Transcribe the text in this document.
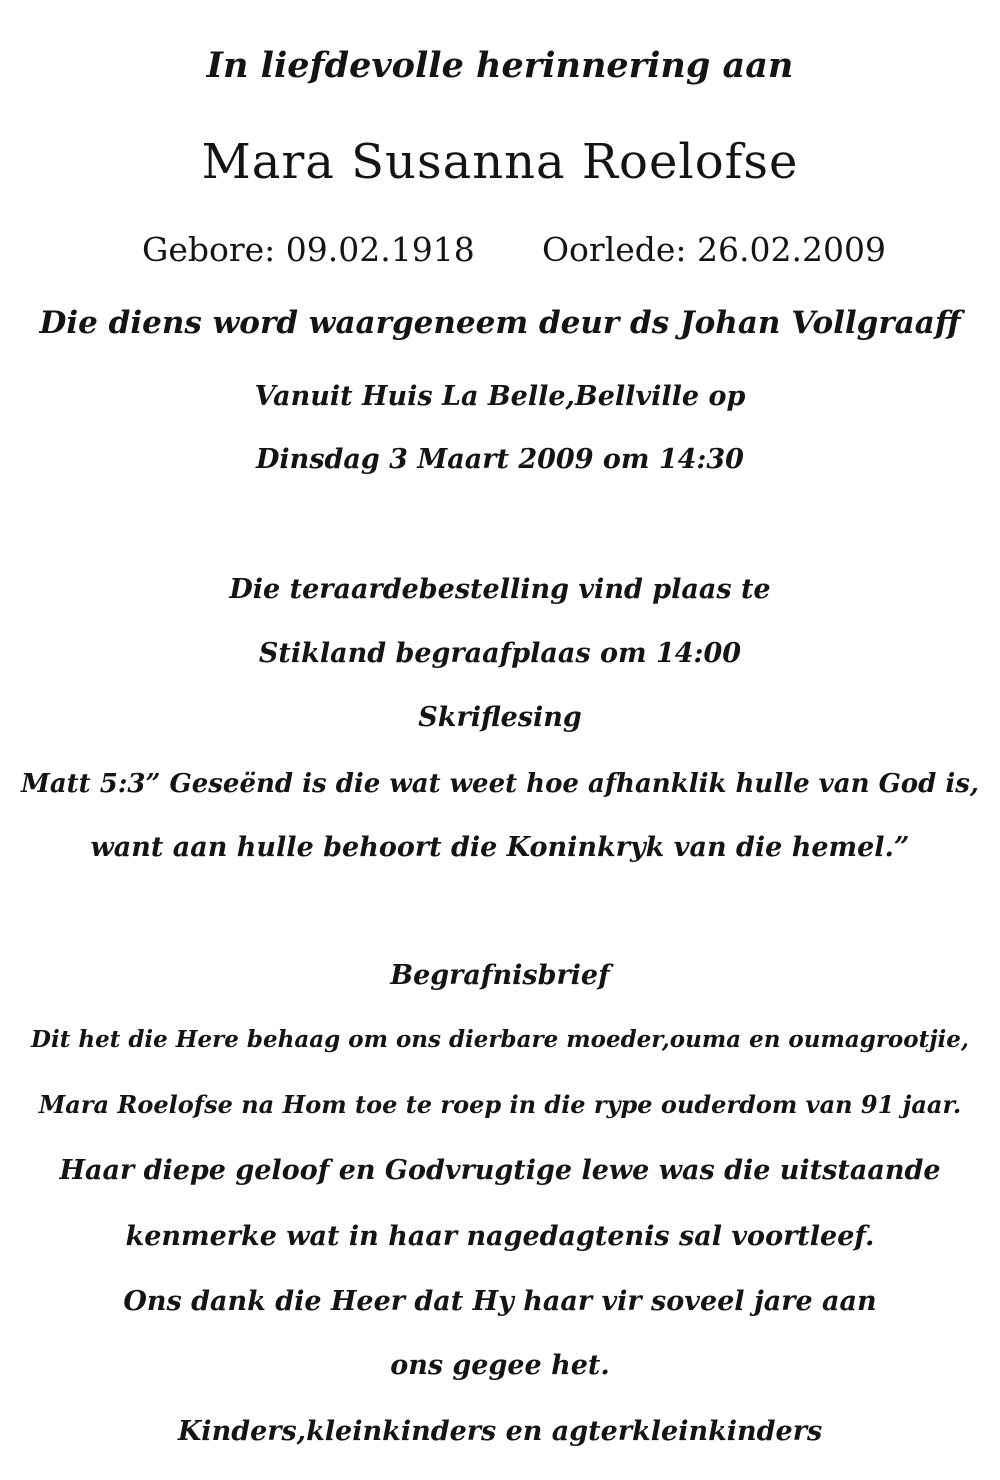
In liefdevolle herinnering aan
Mara Susanna Roelofse
Gebore: 09.02.1918 Oorlede: 26.02.2009
Die diens word waargeneem deur ds Johan Vollgraaff
Vanuit Huis La Belle,Bellville op
Dinsdag 3 Maart 2009 om 14:30
Die teraardebestelling vind plaas te
Stikland begraafplaas om 14:00
Skriflesing
Matt 5:3” Geseënd is die wat weet hoe afhanklik hulle van God is,
want aan hulle behoort die Koninkryk van die hemel.”
Begrafnisbrief
Dit het die Here behaag om ons dierbare moeder,ouma en oumagrootjie,
Mara Roelofse na Hom toe te roep in die rype ouderdom van 91 jaar.
Haar diepe geloof en Godvrugtige lewe was die uitstaande
kenmerke wat in haar nagedagtenis sal voortleef.
Ons dank die Heer dat Hy haar vir soveel jare aan
ons gegee het.
Kinders,kleinkinders en agterkleinkinders
